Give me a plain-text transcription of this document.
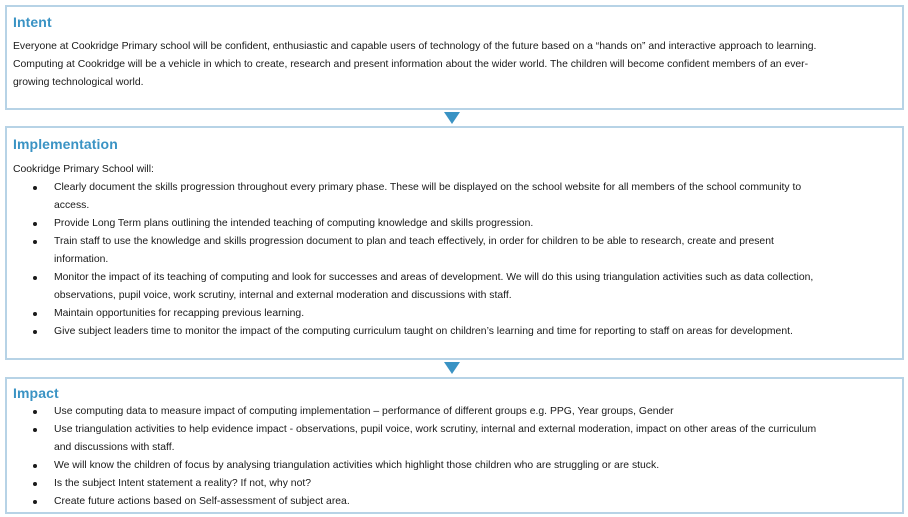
Intent
Everyone at Cookridge Primary school will be confident, enthusiastic and capable users of technology of the future based on a “hands on” and interactive approach to learning.
Computing at Cookridge will be a vehicle in which to create, research and present information about the wider world. The children will become confident members of an ever-
growing technological world.
Implementation
Cookridge Primary School will:
Clearly document the skills progression throughout every primary phase. These will be displayed on the school website for all members of the school community to
access.
Provide Long Term plans outlining the intended teaching of computing knowledge and skills progression.
Train staff to use the knowledge and skills progression document to plan and teach effectively, in order for children to be able to research, create and present
information.
Monitor the impact of its teaching of computing and look for successes and areas of development. We will do this using triangulation activities such as data collection,
observations, pupil voice, work scrutiny, internal and external moderation and discussions with staff.
Maintain opportunities for recapping previous learning.
Give subject leaders time to monitor the impact of the computing curriculum taught on children’s learning and time for reporting to staff on areas for development.
Impact
Use computing data to measure impact of computing implementation – performance of different groups e.g. PPG, Year groups, Gender
Use triangulation activities to help evidence impact - observations, pupil voice, work scrutiny, internal and external moderation, impact on other areas of the curriculum
and discussions with staff.
We will know the children of focus by analysing triangulation activities which highlight those children who are struggling or are stuck.
Is the subject Intent statement a reality? If not, why not?
Create future actions based on Self-assessment of subject area.
